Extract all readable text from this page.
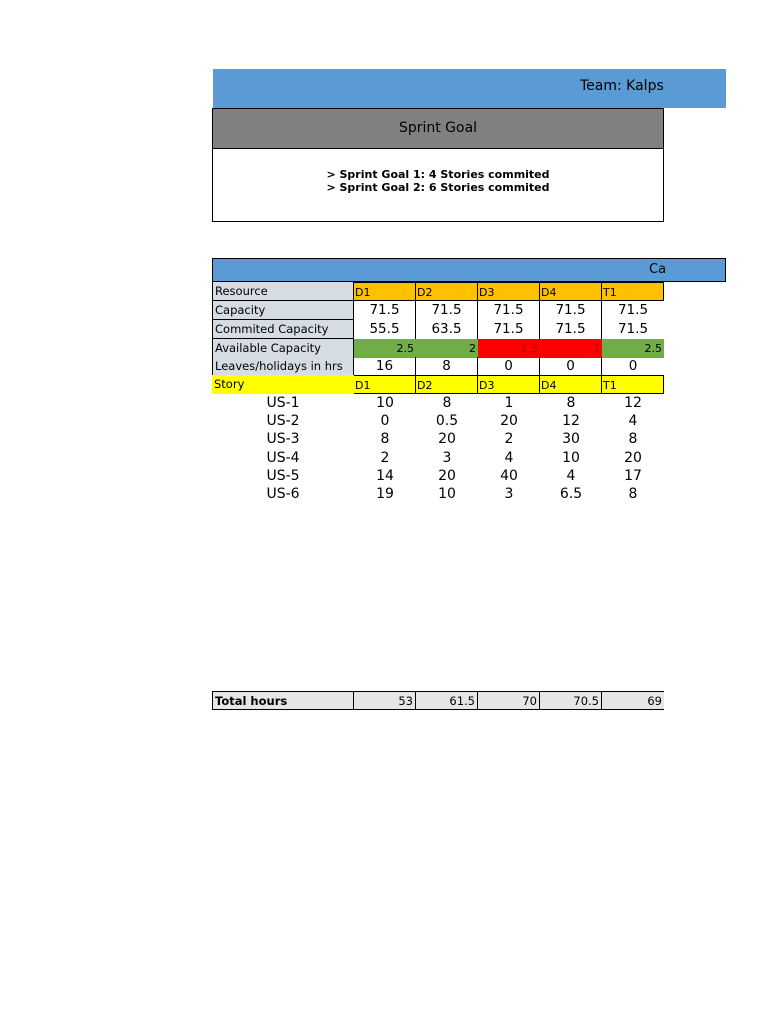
Team: Kalps
Sprint Goal
> Sprint Goal 1: 4 Stories commited
> Sprint Goal 2: 6 Stories commited
Ca
Resource	D1	D2	D3	D4	T1
Capacity	71.5	71.5	71.5	71.5	71.5
Commited Capacity	55.5	63.5	71.5	71.5	71.5
Available Capacity	2.5	2	1.5	1	2.5
Leaves/holidays in hrs	16	8	0	0	0
Story	D1	D2	D3	D4	T1
US-1	10	8	1	8	12
US-2	0	0.5	20	12	4
US-3	8	20	2	30	8
US-4	2	3	4	10	20
US-5	14	20	40	4	17
US-6	19	10	3	6.5	8
Total hours	53	61.5	70	70.5	69
